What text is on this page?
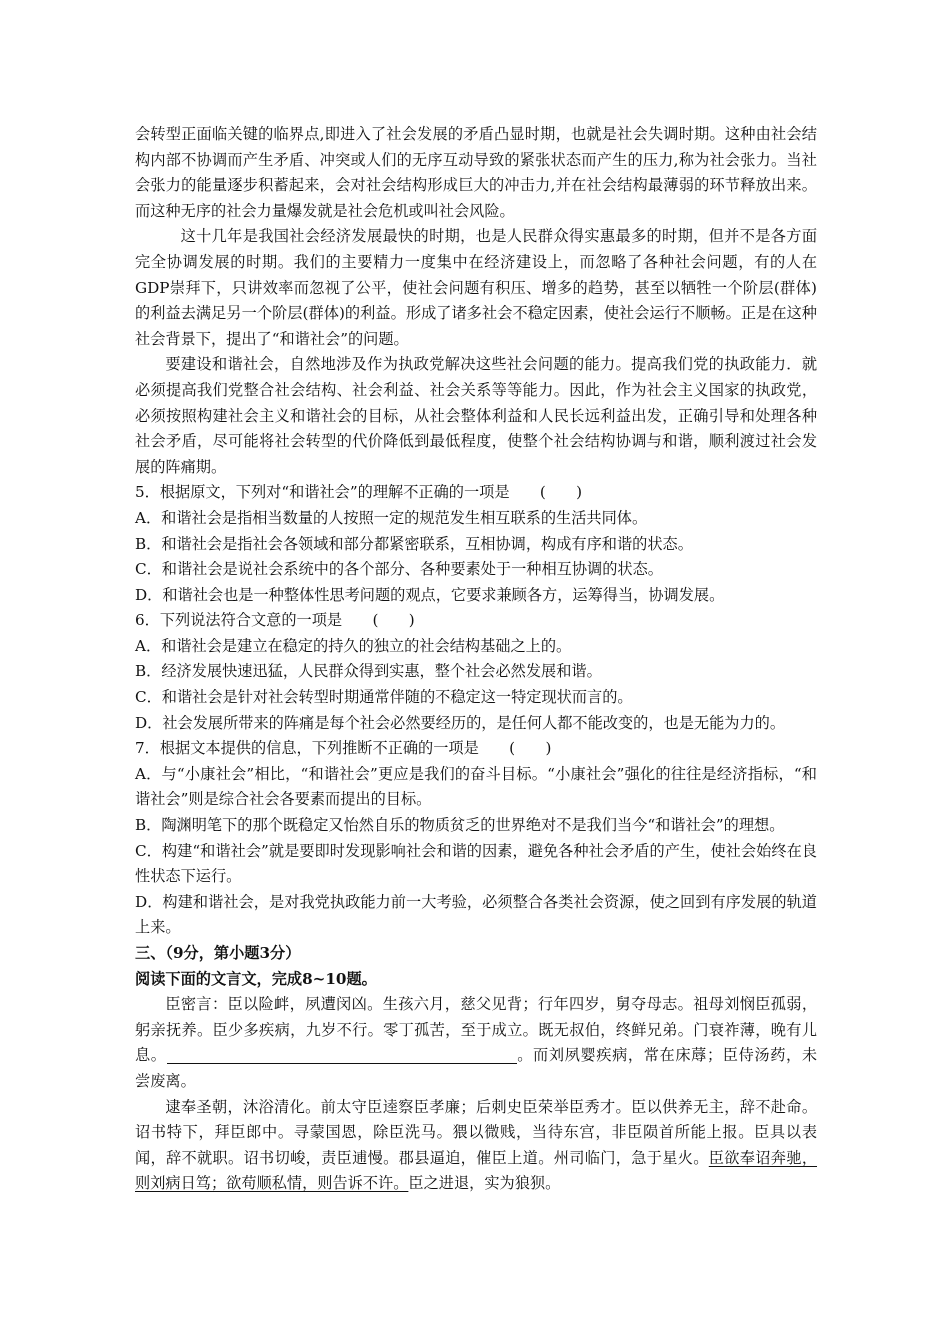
会转型正面临关键的临界点,即进入了社会发展的矛盾凸显时期，也就是社会失调时期。这种由社会结构内部不协调而产生矛盾、冲突或人们的无序互动导致的紧张状态而产生的压力,称为社会张力。当社会张力的能量逐步积蓄起来，会对社会结构形成巨大的冲击力,并在社会结构最薄弱的环节释放出来。而这种无序的社会力量爆发就是社会危机或叫社会风险。

这十几年是我国社会经济发展最快的时期，也是人民群众得实惠最多的时期，但并不是各方面完全协调发展的时期。我们的主要精力一度集中在经济建设上，而忽略了各种社会问题，有的人在GDP崇拜下，只讲效率而忽视了公平，使社会问题有积压、增多的趋势，甚至以牺牲一个阶层(群体)的利益去满足另一个阶层(群体)的利益。形成了诸多社会不稳定因素，使社会运行不顺畅。正是在这种社会背景下，提出了“和谐社会”的问题。

要建设和谐社会，自然地涉及作为执政党解决这些社会问题的能力。提高我们党的执政能力．就必须提高我们党整合社会结构、社会利益、社会关系等等能力。因此，作为社会主义国家的执政党，必须按照构建社会主义和谐社会的目标，从社会整体利益和人民长远利益出发，正确引导和处理各种社会矛盾，尽可能将社会转型的代价降低到最低程度，使整个社会结构协调与和谐，顺利渡过社会发展的阵痛期。

5．根据原文，下列对“和谐社会”的理解不正确的一项是　　(　　)

A．和谐社会是指相当数量的人按照一定的规范发生相互联系的生活共同体。

B．和谐社会是指社会各领域和部分都紧密联系，互相协调，构成有序和谐的状态。

C．和谐社会是说社会系统中的各个部分、各种要素处于一种相互协调的状态。

D．和谐社会也是一种整体性思考问题的观点，它要求兼顾各方，运筹得当，协调发展。

6．下列说法符合文意的一项是　　(　　)

A．和谐社会是建立在稳定的持久的独立的社会结构基础之上的。

B．经济发展快速迅猛，人民群众得到实惠，整个社会必然发展和谐。

C．和谐社会是针对社会转型时期通常伴随的不稳定这一特定现状而言的。

D．社会发展所带来的阵痛是每个社会必然要经历的，是任何人都不能改变的，也是无能为力的。

7．根据文本提供的信息，下列推断不正确的一项是　　(　　)

A．与“小康社会”相比，“和谐社会”更应是我们的奋斗目标。“小康社会”强化的往往是经济指标，“和谐社会”则是综合社会各要素而提出的目标。

B．陶渊明笔下的那个既稳定又怡然自乐的物质贫乏的世界绝对不是我们当今“和谐社会”的理想。

C．构建“和谐社会”就是要即时发现影响社会和谐的因素，避免各种社会矛盾的产生，使社会始终在良性状态下运行。

D．构建和谐社会，是对我党执政能力前一大考验，必须整合各类社会资源，使之回到有序发展的轨道上来。

三、（9分，第小题3分）

阅读下面的文言文，完成8~10题。

臣密言：臣以险衅，夙遭闵凶。生孩六月，慈父见背；行年四岁，舅夺母志。祖母刘悯臣孤弱，躬亲抚养。臣少多疾病，九岁不行。零丁孤苦，至于成立。既无叔伯，终鲜兄弟。门衰祚薄，晚有儿息。	。而刘夙婴疾病，常在床蓐；臣侍汤药，未尝废离。

逮奉圣朝，沐浴清化。前太守臣逵察臣孝廉；后刺史臣荣举臣秀才。臣以供养无主，辞不赴命。诏书特下，拜臣郎中。寻蒙国恩，除臣洗马。猥以微贱，当待东宫，非臣陨首所能上报。臣具以表闻，辞不就职。诏书切峻，责臣逋慢。郡县逼迫，催臣上道。州司临门，急于星火。臣欲奉诏奔驰，则刘病日笃；欲苟顺私情，则告诉不许。臣之进退，实为狼狈。
